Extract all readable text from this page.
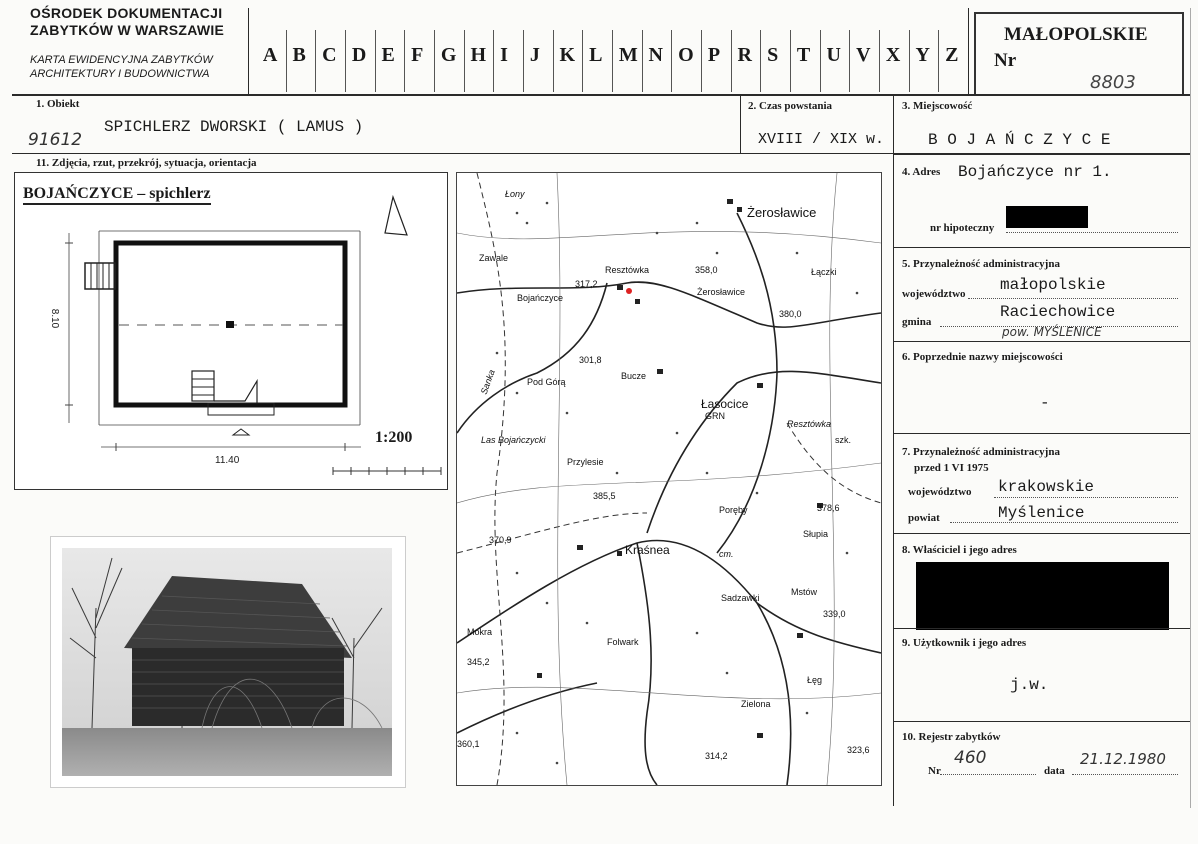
OŚRODEK DOKUMENTACJI
ZABYTKÓW W WARSZAWIE
KARTA EWIDENCYJNA ZABYTKÓW
ARCHITEKTURY I BUDOWNICTWA
A B C D E F G H I J K L M N O P R S T U V X Y Z
MAŁOPOLSKIE
Nr
8803
1. Obiekt
SPICHLERZ DWORSKI ( LAMUS )
91612
2. Czas powstania
XVIII / XIX w.
3. Miejscowość
B O J A Ń C Z Y C E
11. Zdjęcia, rzut, przekrój, sytuacja, orientacja
BOJAŃCZYCE – spichlerz
8.10
11.40
1:200
Łony
Zawale
Resztówka
Żerosławice
Bojańczyce
317,2
358,0
Żerosławice
Łączki
380,0
301,8
Pod Górą
Bucze
Łasocice
GRN
Resztówka
szk.
Las Bojańczycki
Przylesie
385,5
378,6
Poręby
370,9
Kraśnea
Słupia
Sadzawki
Mstów
339,0
Mokra
Folwark
345,2
Łęg
Zielona
360,1
314,2
323,6
Sanka
cm.
4. Adres Bojańczyce nr 1.
nr hipoteczny
5. Przynależność administracyjna
województwo małopolskie
gmina
Raciechowice
pow. MYŚLENICE
6. Poprzednie nazwy miejscowości
-
7. Przynależność administracyjna
przed 1 VI 1975
województwo krakowskie
powiat	Myślenice
8. Właściciel i jego adres
9. Użytkownik i jego adres
j.w.
10. Rejestr zabytków
Nr
460
data
21.12.1980
